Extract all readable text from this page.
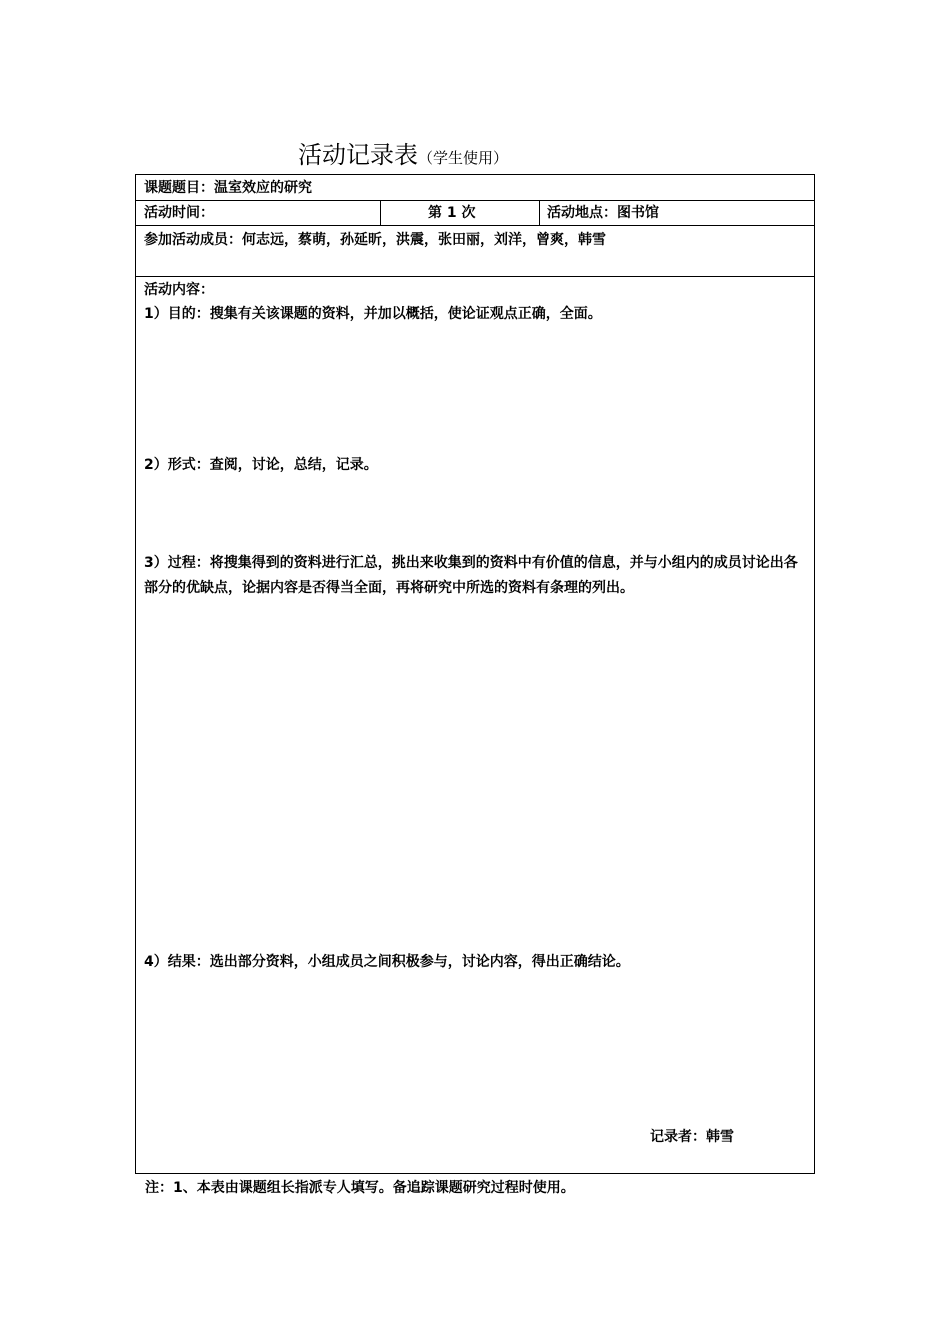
活动记录表（学生使用）
课题题目：温室效应的研究
活动时间：	第 1 次	活动地点：图书馆
参加活动成员：何志远，蔡萌，孙延昕，洪震，张田丽，刘洋，曾爽，韩雪
活动内容：
1）目的：搜集有关该课题的资料，并加以概括，使论证观点正确，全面。
2）形式：查阅，讨论，总结，记录。
3）过程：将搜集得到的资料进行汇总，挑出来收集到的资料中有价值的信息，并与小组内的成员讨论出各部分的优缺点，论据内容是否得当全面，再将研究中所选的资料有条理的列出。
4）结果：选出部分资料，小组成员之间积极参与，讨论内容，得出正确结论。
记录者：韩雪
注：1、本表由课题组长指派专人填写。备追踪课题研究过程时使用。
